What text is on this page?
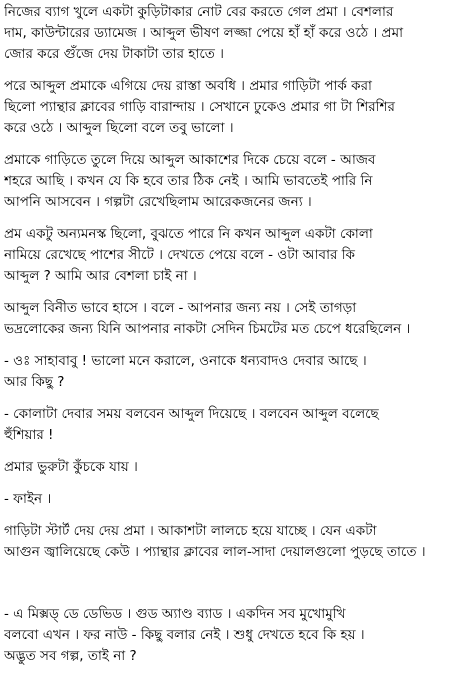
নিজের ব্যাগ খুলে একটা কুড়িটাকার নোট বের করতে গেল প্রমা । বেশলার
দাম, কাউন্টারের ড্যামেজ । আব্দুল ভীষণ লজ্জা পেয়ে হাঁ হাঁ করে ওঠে । প্রমা
জোর করে গুঁজে দেয় টাকাটা তার হাতে ।
পরে আব্দুল প্রমাকে এগিয়ে দেয় রাস্তা অবধি । প্রমার গাড়িটা পার্ক করা
ছিলো প্যান্থার ক্লাবের গাড়ি বারান্দায় । সেখানে ঢুকেও প্রমার গা টা শিরশির
করে ওঠে । আব্দুল ছিলো বলে তবু ভালো ।
প্রমাকে গাড়িতে তুলে দিয়ে আব্দুল আকাশের দিকে চেয়ে বলে - আজব
শহরে আছি । কখন যে কি হবে তার ঠিক নেই । আমি ভাবতেই পারি নি
আপনি আসবেন । গল্পটা রেখেছিলাম আরেকজনের জন্য ।
প্রম একটু অন্যমনস্ক ছিলো, বুঝতে পারে নি কখন আব্দুল একটা কোলা
নামিয়ে রেখেছে পাশের সীটে । দেখতে পেয়ে বলে - ওটা আবার কি
আব্দুল ? আমি আর বেশলা চাই না ।
আব্দুল বিনীত ভাবে হাসে । বলে - আপনার জন্য নয় । সেই তাগড়া
ভদ্রলোকের জন্য যিনি আপনার নাকটা সেদিন চিমটের মত চেপে ধরেছিলেন ।
- ওঃ সাহাবাবু ! ভালো মনে করালে, ওনাকে ধন্যবাদও দেবার আছে ।
আর কিছু ?
- কোলাটা দেবার সময় বলবেন আব্দুল দিয়েছে । বলবেন আব্দুল বলেছে
হুঁশিয়ার !
প্রমার ভুরুটা কুঁচকে যায় ।
- ফাইন ।
গাড়িটা স্টার্ট দেয় দেয় প্রমা । আকাশটা লালচে হয়ে যাচ্ছে । যেন একটা
আগুন জ্বালিয়েছে কেউ । প্যান্থার ক্লাবের লাল-সাদা দেয়ালগুলো পুড়ছে তাতে ।
- এ মিক্সড্ ডে ডেভিড । গুড অ্যাণ্ড ব্যাড । একদিন সব মুখোমুখি
বলবো এখন । ফর নাউ - কিছু বলার নেই । শুধু দেখতে হবে কি হয় ।
অদ্ভুত সব গল্প, তাই না ?
